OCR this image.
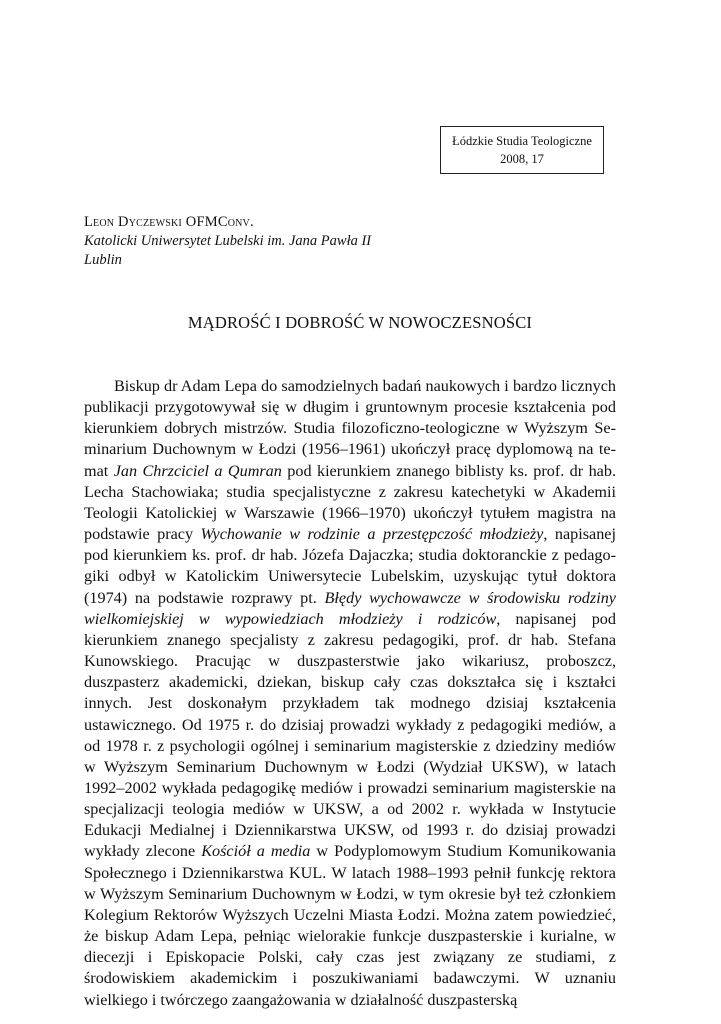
Łódzkie Studia Teologiczne
2008, 17
Leon Dyczewski OFMConv.
Katolicki Uniwersytet Lubelski im. Jana Pawła II
Lublin
MĄDROŚĆ I DOBROŚĆ W NOWOCZESNOŚCI

Biskup dr Adam Lepa do samodzielnych badań naukowych i bardzo licznych publikacji przygotowywał się w długim i gruntownym procesie kształcenia pod kierunkiem dobrych mistrzów. Studia filozoficzno-teologiczne w Wyższym Seminarium Duchownym w Łodzi (1956–1961) ukończył pracę dyplomową na temat Jan Chrzciciel a Qumran pod kierunkiem znanego biblisty ks. prof. dr hab. Lecha Stachowiaka; studia specjalistyczne z zakresu katechetyki w Akademii Teologii Katolickiej w Warszawie (1966–1970) ukończył tytułem magistra na podstawie pracy Wychowanie w rodzinie a przestępczość młodzieży, napisanej pod kierunkiem ks. prof. dr hab. Józefa Dajaczka; studia doktoranckie z pedagogiki odbył w Katolickim Uniwersytecie Lubelskim, uzyskując tytuł doktora (1974) na podstawie rozprawy pt. Błędy wychowawcze w środowisku rodziny wielkomiejskiej w wypowiedziach młodzieży i rodziców, napisanej pod kierunkiem znanego specjalisty z zakresu pedagogiki, prof. dr hab. Stefana Kunowskiego. Pracując w duszpasterstwie jako wikariusz, proboszcz, duszpasterz akademicki, dziekan, biskup cały czas dokształca się i kształci innych. Jest doskonałym przykładem tak modnego dzisiaj kształcenia ustawicznego. Od 1975 r. do dzisiaj prowadzi wykłady z pedagogiki mediów, a od 1978 r. z psychologii ogólnej i seminarium magisterskie z dziedziny mediów w Wyższym Seminarium Duchownym w Łodzi (Wydział UKSW), w latach 1992–2002 wykłada pedagogikę mediów i prowadzi seminarium magisterskie na specjalizacji teologia mediów w UKSW, a od 2002 r. wykłada w Instytucie Edukacji Medialnej i Dziennikarstwa UKSW, od 1993 r. do dzisiaj prowadzi wykłady zlecone Kościół a media w Podyplomowym Studium Komunikowania Społecznego i Dziennikarstwa KUL. W latach 1988–1993 pełnił funkcję rektora w Wyższym Seminarium Duchownym w Łodzi, w tym okresie był też członkiem Kolegium Rektorów Wyższych Uczelni Miasta Łodzi. Można zatem powiedzieć, że biskup Adam Lepa, pełniąc wielorakie funkcje duszpasterskie i kurialne, w diecezji i Episkopacie Polski, cały czas jest związany ze studiami, z środowiskiem akademickim i poszukiwaniami badawczymi. W uznaniu wielkiego i twórczego zaangażowania w działalność duszpasterską
